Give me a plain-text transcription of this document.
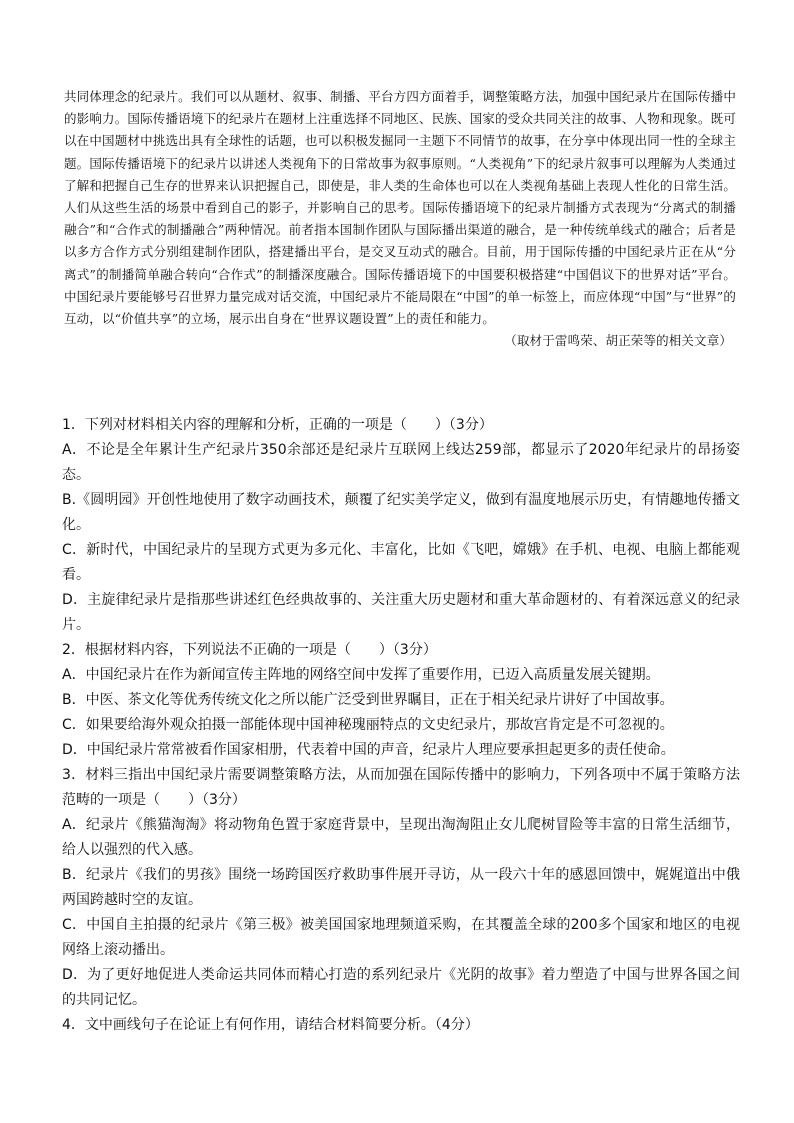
共同体理念的纪录片。我们可以从题材、叙事、制播、平台方四方面着手，调整策略方法，加强中国纪录片在国际传播中的影响力。国际传播语境下的纪录片在题材上注重选择不同地区、民族、国家的受众共同关注的故事、人物和现象。既可以在中国题材中挑选出具有全球性的话题，也可以积极发掘同一主题下不同情节的故事，在分享中体现出同一性的全球主题。国际传播语境下的纪录片以讲述人类视角下的日常故事为叙事原则。“人类视角”下的纪录片叙事可以理解为人类通过了解和把握自己生存的世界来认识把握自己，即使是，非人类的生命体也可以在人类视角基础上表现人性化的日常生活。人们从这些生活的场景中看到自己的影子，并影响自己的思考。国际传播语境下的纪录片制播方式表现为“分离式的制播融合”和“合作式的制播融合”两种情况。前者指本国制作团队与国际播出渠道的融合，是一种传统单线式的融合；后者是以多方合作方式分别组建制作团队，搭建播出平台，是交叉互动式的融合。目前，用于国际传播的中国纪录片正在从“分离式”的制播简单融合转向“合作式”的制播深度融合。国际传播语境下的中国要积极搭建“中国倡议下的世界对话”平台。中国纪录片要能够号召世界力量完成对话交流，中国纪录片不能局限在“中国”的单一标签上，而应体现“中国”与“世界”的互动，以“价值共享”的立场，展示出自身在“世界议题设置”上的责任和能力。

（取材于雷鸣荣、胡正荣等的相关文章）

1．下列对材料相关内容的理解和分析，正确的一项是（　　）（3分）

A．不论是全年累计生产纪录片350余部还是纪录片互联网上线达259部，都显示了2020年纪录片的昂扬姿态。

B.《圆明园》开创性地使用了数字动画技术，颠覆了纪实美学定义，做到有温度地展示历史，有情趣地传播文化。

C．新时代，中国纪录片的呈现方式更为多元化、丰富化，比如《飞吧，嫦娥》在手机、电视、电脑上都能观看。

D．主旋律纪录片是指那些讲述红色经典故事的、关注重大历史题材和重大革命题材的、有着深远意义的纪录片。

2．根据材料内容，下列说法不正确的一项是（　　）（3分）

A．中国纪录片在作为新闻宣传主阵地的网络空间中发挥了重要作用，已迈入高质量发展关键期。

B．中医、茶文化等优秀传统文化之所以能广泛受到世界瞩目，正在于相关纪录片讲好了中国故事。

C．如果要给海外观众拍摄一部能体现中国神秘瑰丽特点的文史纪录片，那故宫肯定是不可忽视的。

D．中国纪录片常常被看作国家相册，代表着中国的声音，纪录片人理应要承担起更多的责任使命。

3．材料三指出中国纪录片需要调整策略方法，从而加强在国际传播中的影响力，下列各项中不属于策略方法范畴的一项是（　　）（3分）

A．纪录片《熊猫淘淘》将动物角色置于家庭背景中，呈现出淘淘阻止女儿爬树冒险等丰富的日常生活细节，给人以强烈的代入感。

B．纪录片《我们的男孩》围绕一场跨国医疗救助事件展开寻访，从一段六十年的感恩回馈中，娓娓道出中俄两国跨越时空的友谊。

C．中国自主拍摄的纪录片《第三极》被美国国家地理频道采购，在其覆盖全球的200多个国家和地区的电视网络上滚动播出。

D．为了更好地促进人类命运共同体而精心打造的系列纪录片《光阴的故事》着力塑造了中国与世界各国之间的共同记忆。

4．文中画线句子在论证上有何作用，请结合材料简要分析。（4分）
